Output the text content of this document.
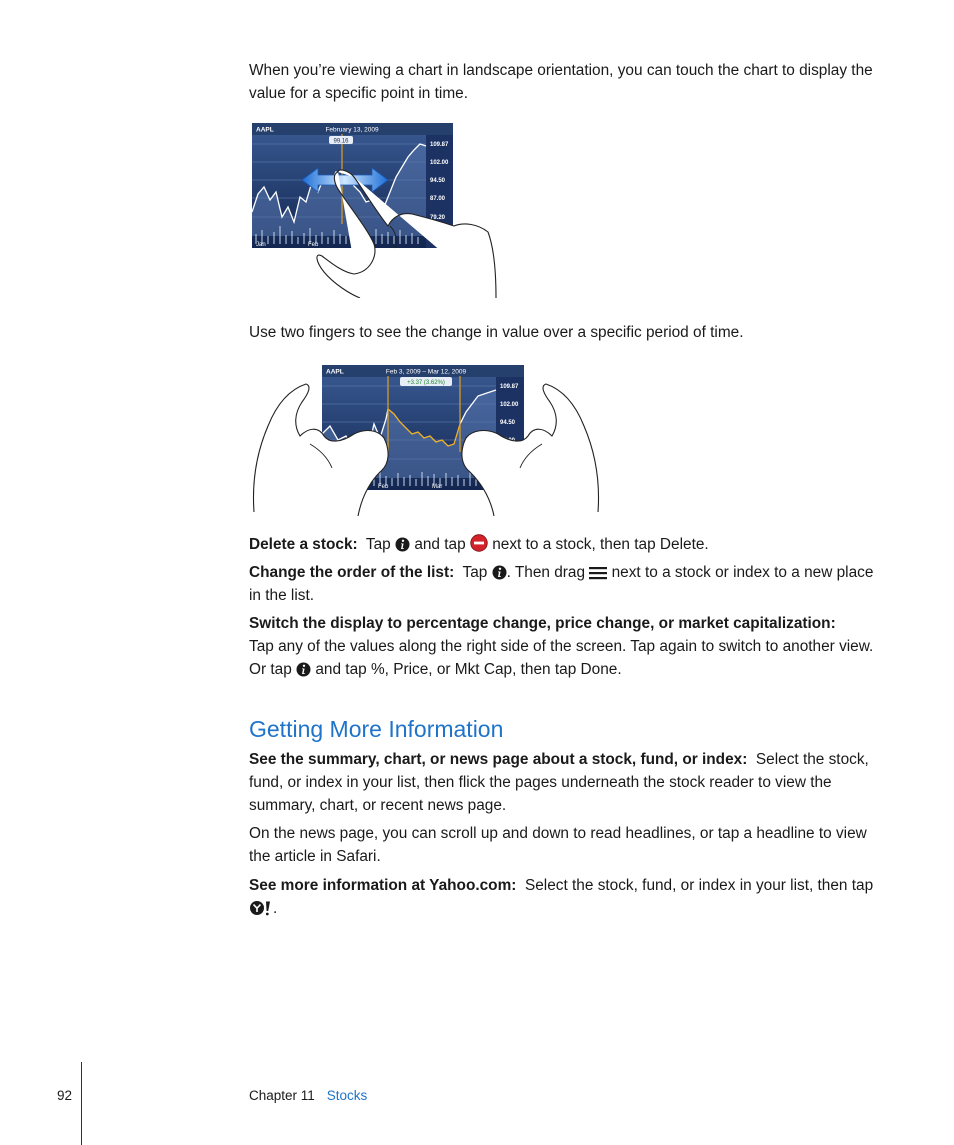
When you’re viewing a chart in landscape orientation, you can touch the chart to display the value for a specific point in time.

99.16
AAPL	February 13, 2009
109.87
102.00
94.50
87.00
79.20
Jan	Feb

Use two fingers to see the change in value over a specific period of time.

+3.37 (3.62%)
AAPL	Feb 3, 2009 – Mar 12, 2009
109.87
102.00
94.50
Feb	Mar

Delete a stock: Tap and tap next to a stock, then tap Delete.

Change the order of the list: Tap . Then drag next to a stock or index to a new place in the list.

Switch the display to percentage change, price change, or market capitalization:
Tap any of the values along the right side of the screen. Tap again to switch to another view. Or tap and tap %, Price, or Mkt Cap, then tap Done.

Getting More Information

See the summary, chart, or news page about a stock, fund, or index: Select the stock, fund, or index in your list, then flick the pages underneath the stock reader to view the summary, chart, or recent news page.

On the news page, you can scroll up and down to read headlines, or tap a headline to view the article in Safari.

See more information at Yahoo.com: Select the stock, fund, or index in your list, then tap .

92	Chapter 11 Stocks
